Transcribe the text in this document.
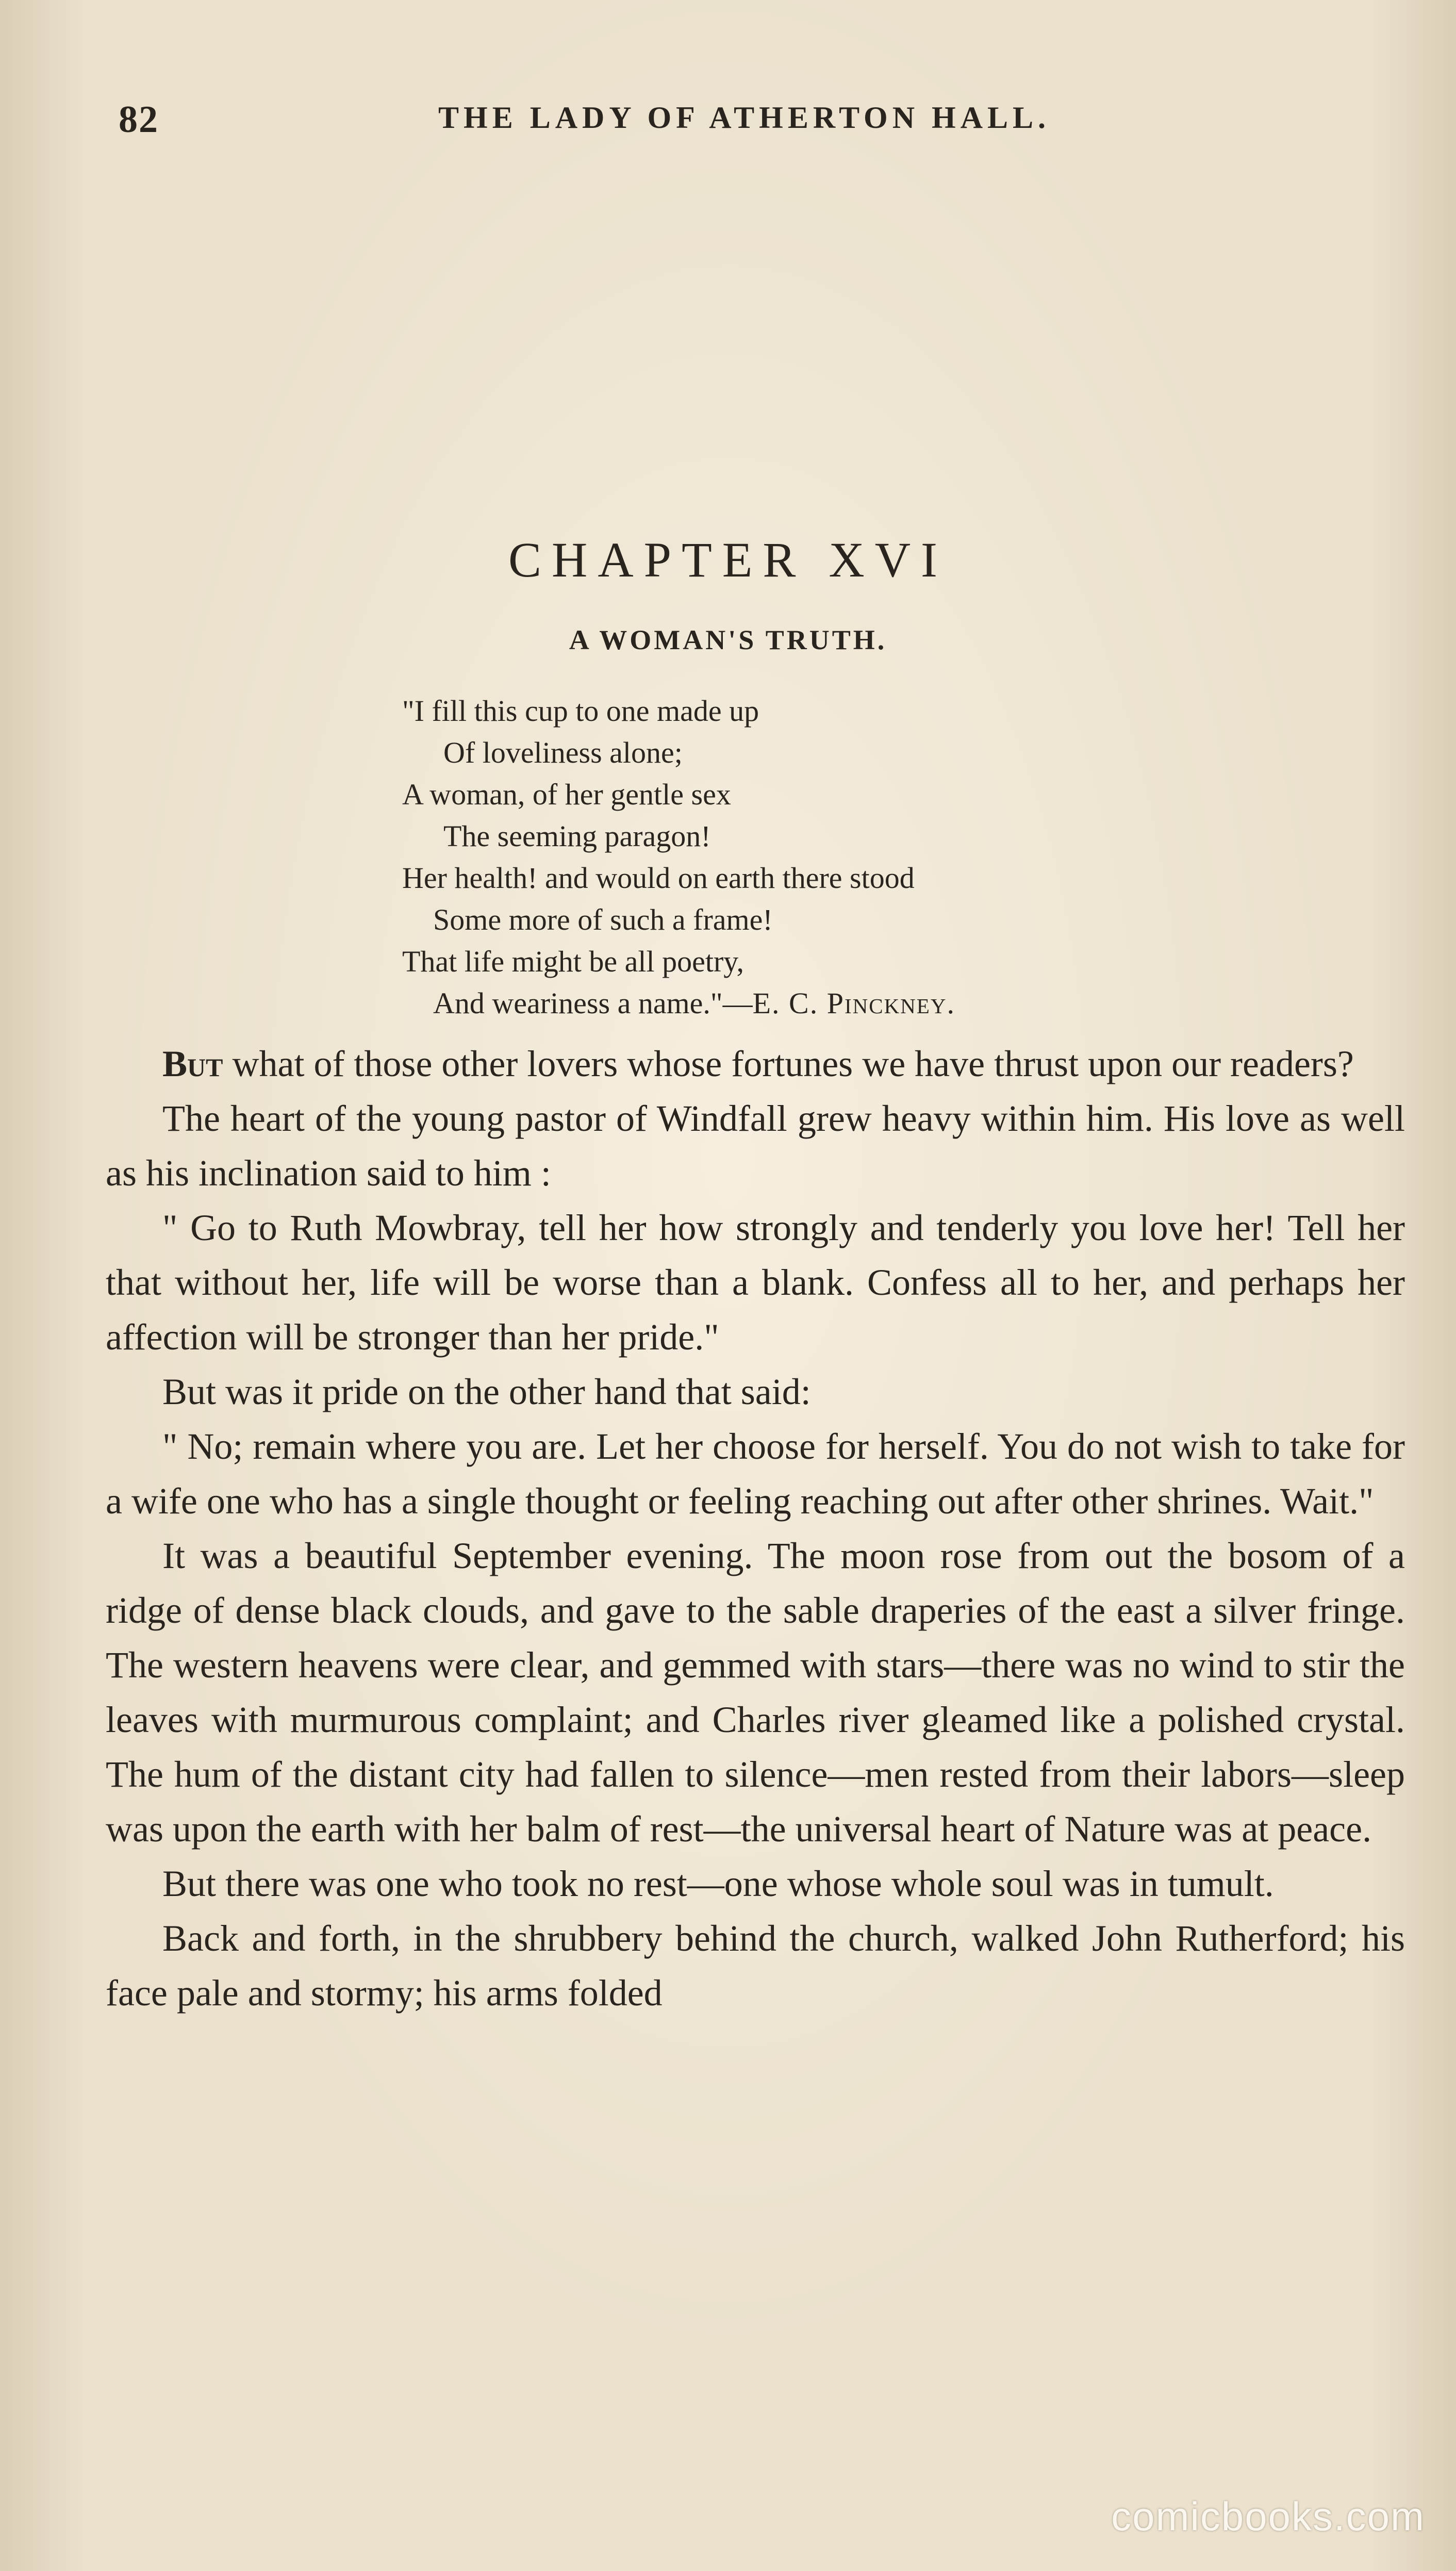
82	THE LADY OF ATHERTON HALL.
CHAPTER XVI
A WOMAN'S TRUTH.
"I fill this cup to one made up
Of loveliness alone;
A woman, of her gentle sex
The seeming paragon!
Her health! and would on earth there stood
Some more of such a frame!
That life might be all poetry,
And weariness a name."—E. C. Pinckney.

But what of those other lovers whose fortunes we have thrust upon our readers?

The heart of the young pastor of Windfall grew heavy within him. His love as well as his inclination said to him :

" Go to Ruth Mowbray, tell her how strongly and tenderly you love her! Tell her that without her, life will be worse than a blank. Confess all to her, and perhaps her affection will be stronger than her pride."

But was it pride on the other hand that said:

" No; remain where you are. Let her choose for herself. You do not wish to take for a wife one who has a single thought or feeling reaching out after other shrines. Wait."

It was a beautiful September evening. The moon rose from out the bosom of a ridge of dense black clouds, and gave to the sable draperies of the east a silver fringe. The western heavens were clear, and gemmed with stars—there was no wind to stir the leaves with murmurous complaint; and Charles river gleamed like a polished crystal. The hum of the distant city had fallen to silence—men rested from their labors—sleep was upon the earth with her balm of rest—the universal heart of Nature was at peace.

But there was one who took no rest—one whose whole soul was in tumult.

Back and forth, in the shrubbery behind the church, walked John Rutherford; his face pale and stormy; his arms folded

comicbooks.com
